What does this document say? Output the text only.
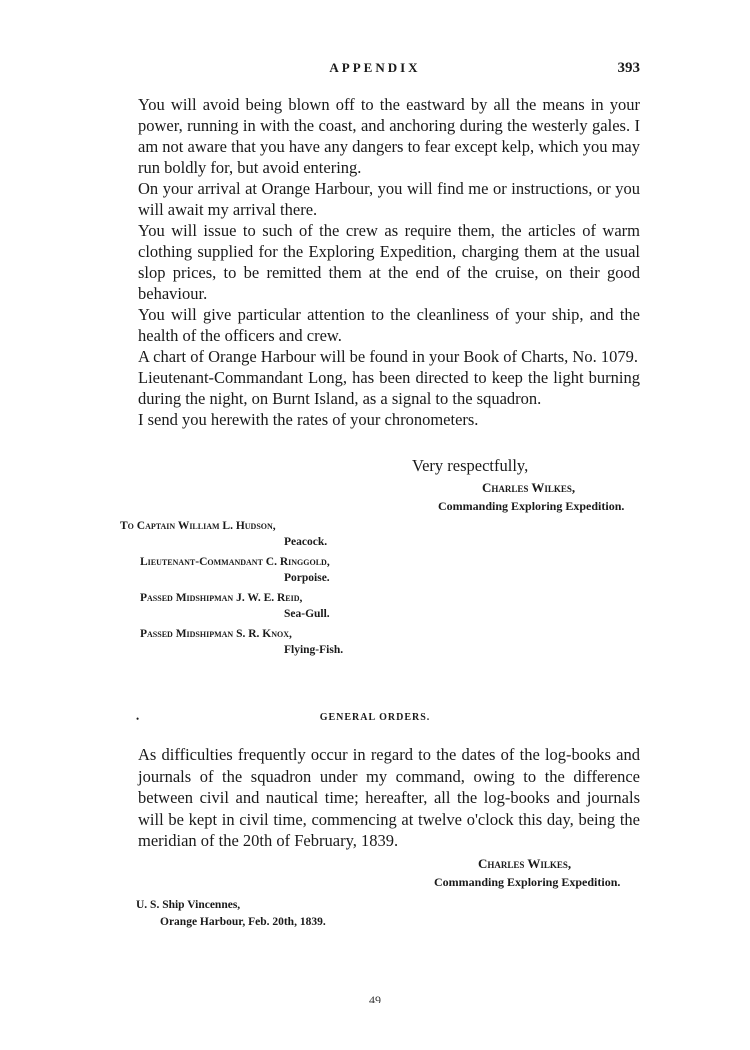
APPENDIX	393

You will avoid being blown off to the eastward by all the means in your power, running in with the coast, and anchoring during the westerly gales. I am not aware that you have any dangers to fear except kelp, which you may run boldly for, but avoid entering.

On your arrival at Orange Harbour, you will find me or instructions, or you will await my arrival there.

You will issue to such of the crew as require them, the articles of warm clothing supplied for the Exploring Expedition, charging them at the usual slop prices, to be remitted them at the end of the cruise, on their good behaviour.

You will give particular attention to the cleanliness of your ship, and the health of the officers and crew.

A chart of Orange Harbour will be found in your Book of Charts, No. 1079.

Lieutenant-Commandant Long, has been directed to keep the light burning during the night, on Burnt Island, as a signal to the squadron.

I send you herewith the rates of your chronometers.

Very respectfully,
Charles Wilkes,
Commanding Exploring Expedition.
To Captain William L. Hudson,
Peacock.
Lieutenant-Commandant C. Ringgold,
Porpoise.
Passed Midshipman J. W. E. Reid,
Sea-Gull.
Passed Midshipman S. R. Knox,
Flying-Fish.
•	GENERAL ORDERS.
As difficulties frequently occur in regard to the dates of the log-books and journals of the squadron under my command, owing to the difference between civil and nautical time; hereafter, all the log-books and journals will be kept in civil time, commencing at twelve o'clock this day, being the meridian of the 20th of February, 1839.
Charles Wilkes,
Commanding Exploring Expedition.
U. S. Ship Vincennes,
Orange Harbour, Feb. 20th, 1839.
49
